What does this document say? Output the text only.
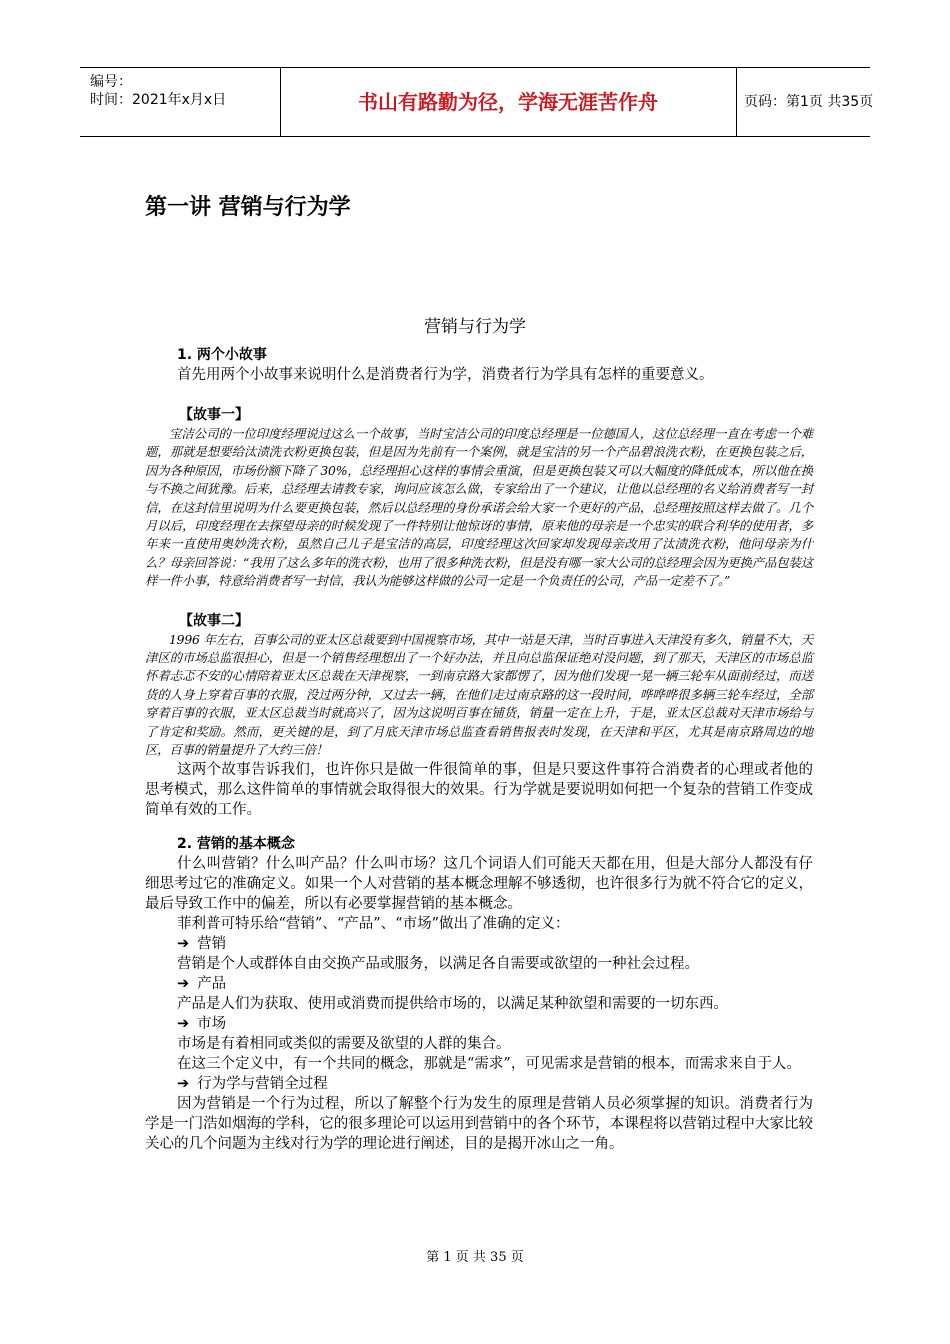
编号：
时间：2021年x月x日	书山有路勤为径，学海无涯苦作舟	页码：第1页 共35页
第一讲 营销与行为学
营销与行为学
1. 两个小故事

首先用两个小故事来说明什么是消费者行为学，消费者行为学具有怎样的重要意义。

【故事一】

宝洁公司的一位印度经理说过这么一个故事，当时宝洁公司的印度总经理是一位德国人，这位总经理一直在考虑一个难题，那就是想要给汰渍洗衣粉更换包装，但是因为先前有一个案例，就是宝洁的另一个产品碧浪洗衣粉，在更换包装之后，因为各种原因，市场份额下降了 30%，总经理担心这样的事情会重演，但是更换包装又可以大幅度的降低成本，所以他在换与不换之间犹豫。后来，总经理去请教专家，询问应该怎么做，专家给出了一个建议，让他以总经理的名义给消费者写一封信，在这封信里说明为什么要更换包装，然后以总经理的身份承诺会给大家一个更好的产品，总经理按照这样去做了。几个月以后，印度经理在去探望母亲的时候发现了一件特别让他惊讶的事情，原来他的母亲是一个忠实的联合利华的使用者，多年来一直使用奥妙洗衣粉，虽然自己儿子是宝洁的高层，印度经理这次回家却发现母亲改用了汰渍洗衣粉，他问母亲为什么？母亲回答说：“我用了这么多年的洗衣粉，也用了很多种洗衣粉，但是没有哪一家大公司的总经理会因为更换产品包装这样一件小事，特意给消费者写一封信，我认为能够这样做的公司一定是一个负责任的公司，产品一定差不了。”

【故事二】

1996 年左右，百事公司的亚太区总裁要到中国视察市场，其中一站是天津，当时百事进入天津没有多久，销量不大，天津区的市场总监很担心，但是一个销售经理想出了一个好办法，并且向总监保证绝对没问题，到了那天，天津区的市场总监怀着忐忑不安的心情陪着亚太区总裁在天津视察，一到南京路大家都愣了，因为他们发现一晃一辆三轮车从面前经过，而送货的人身上穿着百事的衣服，没过两分钟，又过去一辆，在他们走过南京路的这一段时间，哗哗哗很多辆三轮车经过，全部穿着百事的衣服，亚太区总裁当时就高兴了，因为这说明百事在铺货，销量一定在上升，于是，亚太区总裁对天津市场给与了肯定和奖励。然而，更关键的是，到了月底天津市场总监查看销售报表时发现，在天津和平区，尤其是南京路周边的地区，百事的销量提升了大约三倍！

这两个故事告诉我们，也许你只是做一件很简单的事，但是只要这件事符合消费者的心理或者他的思考模式，那么这件简单的事情就会取得很大的效果。行为学就是要说明如何把一个复杂的营销工作变成简单有效的工作。

2. 营销的基本概念

什么叫营销？什么叫产品？什么叫市场？这几个词语人们可能天天都在用，但是大部分人都没有仔细思考过它的准确定义。如果一个人对营销的基本概念理解不够透彻，也许很多行为就不符合它的定义，最后导致工作中的偏差，所以有必要掌握营销的基本概念。

菲利普可特乐给“营销”、“产品”、“市场”做出了准确的定义：

➔ 营销

营销是个人或群体自由交换产品或服务，以满足各自需要或欲望的一种社会过程。

➔ 产品

产品是人们为获取、使用或消费而提供给市场的，以满足某种欲望和需要的一切东西。

➔ 市场

市场是有着相同或类似的需要及欲望的人群的集合。

在这三个定义中，有一个共同的概念，那就是“需求”，可见需求是营销的根本，而需求来自于人。

➔ 行为学与营销全过程

因为营销是一个行为过程，所以了解整个行为发生的原理是营销人员必须掌握的知识。消费者行为学是一门浩如烟海的学科，它的很多理论可以运用到营销中的各个环节，本课程将以营销过程中大家比较关心的几个问题为主线对行为学的理论进行阐述，目的是揭开冰山之一角。

第 1 页 共 35 页
